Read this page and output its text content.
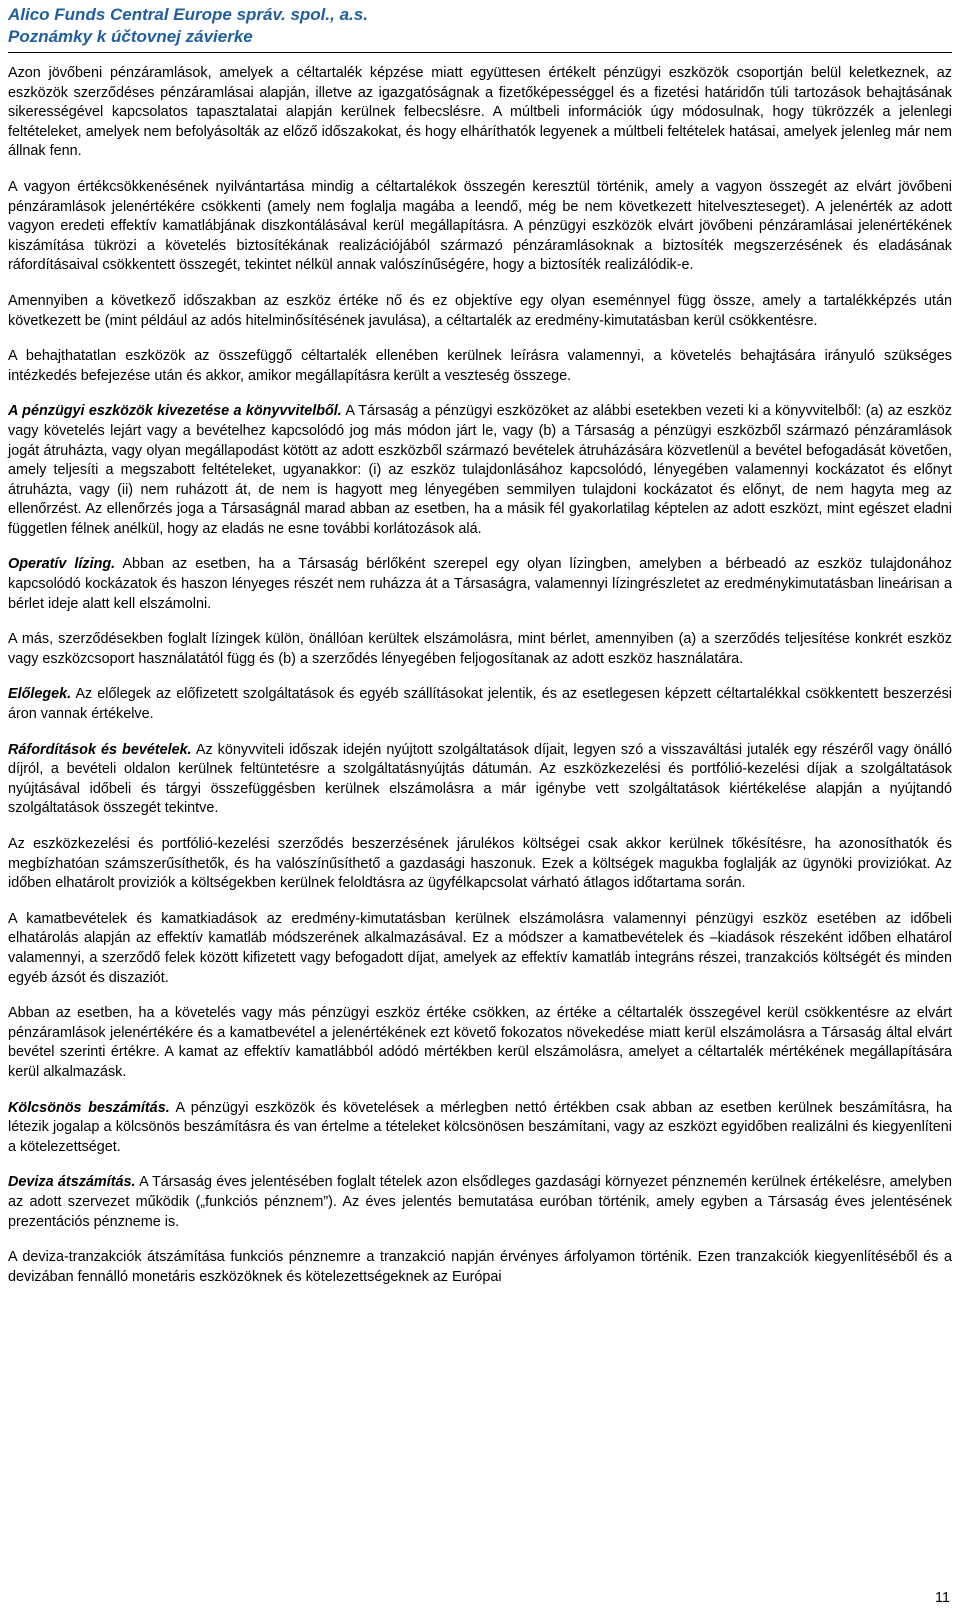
Alico Funds Central Europe správ. spol., a.s.

Poznámky k účtovnej závierke

Azon jövőbeni pénzáramlások, amelyek a céltartalék képzése miatt együttesen értékelt pénzügyi eszközök csoportján belül keletkeznek, az eszközök szerződéses pénzáramlásai alapján, illetve az igazgatóságnak a fizetőképességgel és a fizetési határidőn túli tartozások behajtásának sikerességével kapcsolatos tapasztalatai alapján kerülnek felbecslésre. A múltbeli információk úgy módosulnak, hogy tükrözzék a jelenlegi feltételeket, amelyek nem befolyásolták az előző időszakokat, és hogy elháríthatók legyenek a múltbeli feltételek hatásai, amelyek jelenleg már nem állnak fenn.

A vagyon értékcsökkenésének nyilvántartása mindig a céltartalékok összegén keresztül történik, amely a vagyon összegét az elvárt jövőbeni pénzáramlások jelenértékére csökkenti (amely nem foglalja magába a leendő, még be nem következett hitelveszteseget). A jelenérték az adott vagyon eredeti effektív kamatlábjának diszkontálásával kerül megállapításra. A pénzügyi eszközök elvárt jövőbeni pénzáramlásai jelenértékének kiszámítása tükrözi a követelés biztosítékának realizációjából származó pénzáramlásoknak a biztosíték megszerzésének és eladásának ráfordításaival csökkentett összegét, tekintet nélkül annak valószínűségére, hogy a biztosíték realizálódik-e.

Amennyiben a következő időszakban az eszköz értéke nő és ez objektíve egy olyan eseménnyel függ össze, amely a tartalékképzés után következett be (mint például az adós hitelminősítésének javulása), a céltartalék az eredmény-kimutatásban kerül csökkentésre.

A behajthatatlan eszközök az összefüggő céltartalék ellenében kerülnek leírásra valamennyi, a követelés behajtására irányuló szükséges intézkedés befejezése után és akkor, amikor megállapításra került a veszteség összege.

A pénzügyi eszközök kivezetése a könyvvitelből. A Társaság a pénzügyi eszközöket az alábbi esetekben vezeti ki a könyvvitelből: (a) az eszköz vagy követelés lejárt vagy a bevételhez kapcsolódó jog más módon járt le, vagy (b) a Társaság a pénzügyi eszközből származó pénzáramlások jogát átruházta, vagy olyan megállapodást kötött az adott eszközből származó bevételek átruházására közvetlenül a bevétel befogadását követően, amely teljesíti a megszabott feltételeket, ugyanakkor: (i) az eszköz tulajdonlásához kapcsolódó, lényegében valamennyi kockázatot és előnyt átruházta, vagy (ii) nem ruházott át, de nem is hagyott meg lényegében semmilyen tulajdoni kockázatot és előnyt, de nem hagyta meg az ellenőrzést. Az ellenőrzés joga a Társaságnál marad abban az esetben, ha a másik fél gyakorlatilag képtelen az adott eszközt, mint egészet eladni független félnek anélkül, hogy az eladás ne esne további korlátozások alá.

Operatív lízing. Abban az esetben, ha a Társaság bérlőként szerepel egy olyan lízingben, amelyben a bérbeadó az eszköz tulajdonához kapcsolódó kockázatok és haszon lényeges részét nem ruházza át a Társaságra, valamennyi lízingrészletet az eredménykimutatásban lineárisan a bérlet ideje alatt kell elszámolni.

A más, szerződésekben foglalt lízingek külön, önállóan kerültek elszámolásra, mint bérlet, amennyiben (a) a szerződés teljesítése konkrét eszköz vagy eszközcsoport használatától függ és (b) a szerződés lényegében feljogosítanak az adott eszköz használatára.

Előlegek. Az előlegek az előfizetett szolgáltatások és egyéb szállításokat jelentik, és az esetlegesen képzett céltartalékkal csökkentett beszerzési áron vannak értékelve.

Ráfordítások és bevételek. Az könyvviteli időszak idején nyújtott szolgáltatások díjait, legyen szó a visszaváltási jutalék egy részéről vagy önálló díjról, a bevételi oldalon kerülnek feltüntetésre a szolgáltatásnyújtás dátumán. Az eszközkezelési és portfólió-kezelési díjak a szolgáltatások nyújtásával időbeli és tárgyi összefüggésben kerülnek elszámolásra a már igénybe vett szolgáltatások kiértékelése alapján a nyújtandó szolgáltatások összegét tekintve.

Az eszközkezelési és portfólió-kezelési szerződés beszerzésének járulékos költségei csak akkor kerülnek tőkésítésre, ha azonosíthatók és megbízhatóan számszerűsíthetők, és ha valószínűsíthető a gazdasági haszonuk. Ezek a költségek magukba foglalják az ügynöki proviziókat. Az időben elhatárolt proviziók a költségekben kerülnek feloldtásra az ügyfélkapcsolat várható átlagos időtartama során.

A kamatbevételek és kamatkiadások az eredmény-kimutatásban kerülnek elszámolásra valamennyi pénzügyi eszköz esetében az időbeli elhatárolás alapján az effektív kamatláb módszerének alkalmazásával. Ez a módszer a kamatbevételek és –kiadások részeként időben elhatárol valamennyi, a szerződő felek között kifizetett vagy befogadott díjat, amelyek az effektív kamatláb integráns részei, tranzakciós költségét és minden egyéb ázsót és diszaziót.

Abban az esetben, ha a követelés vagy más pénzügyi eszköz értéke csökken, az értéke a céltartalék összegével kerül csökkentésre az elvárt pénzáramlások jelenértékére és a kamatbevétel a jelenértékének ezt követő fokozatos növekedése miatt kerül elszámolásra a Társaság által elvárt bevétel szerinti értékre. A kamat az effektív kamatlábból adódó mértékben kerül elszámolásra, amelyet a céltartalék mértékének megállapítására kerül alkalmazásk.

Kölcsönös beszámítás. A pénzügyi eszközök és követelések a mérlegben nettó értékben csak abban az esetben kerülnek beszámításra, ha létezik jogalap a kölcsönös beszámításra és van értelme a tételeket kölcsönösen beszámítani, vagy az eszközt egyidőben realizálni és kiegyenlíteni a kötelezettséget.

Deviza átszámítás. A Társaság éves jelentésében foglalt tételek azon elsődleges gazdasági környezet pénznemén kerülnek értékelésre, amelyben az adott szervezet működik („funkciós pénznem”). Az éves jelentés bemutatása euróban történik, amely egyben a Társaság éves jelentésének prezentációs pénzneme is.

A deviza-tranzakciók átszámítása funkciós pénznemre a tranzakció napján érvényes árfolyamon történik. Ezen tranzakciók kiegyenlítéséből és a devizában fennálló monetáris eszközöknek és kötelezettségeknek az Európai

11
